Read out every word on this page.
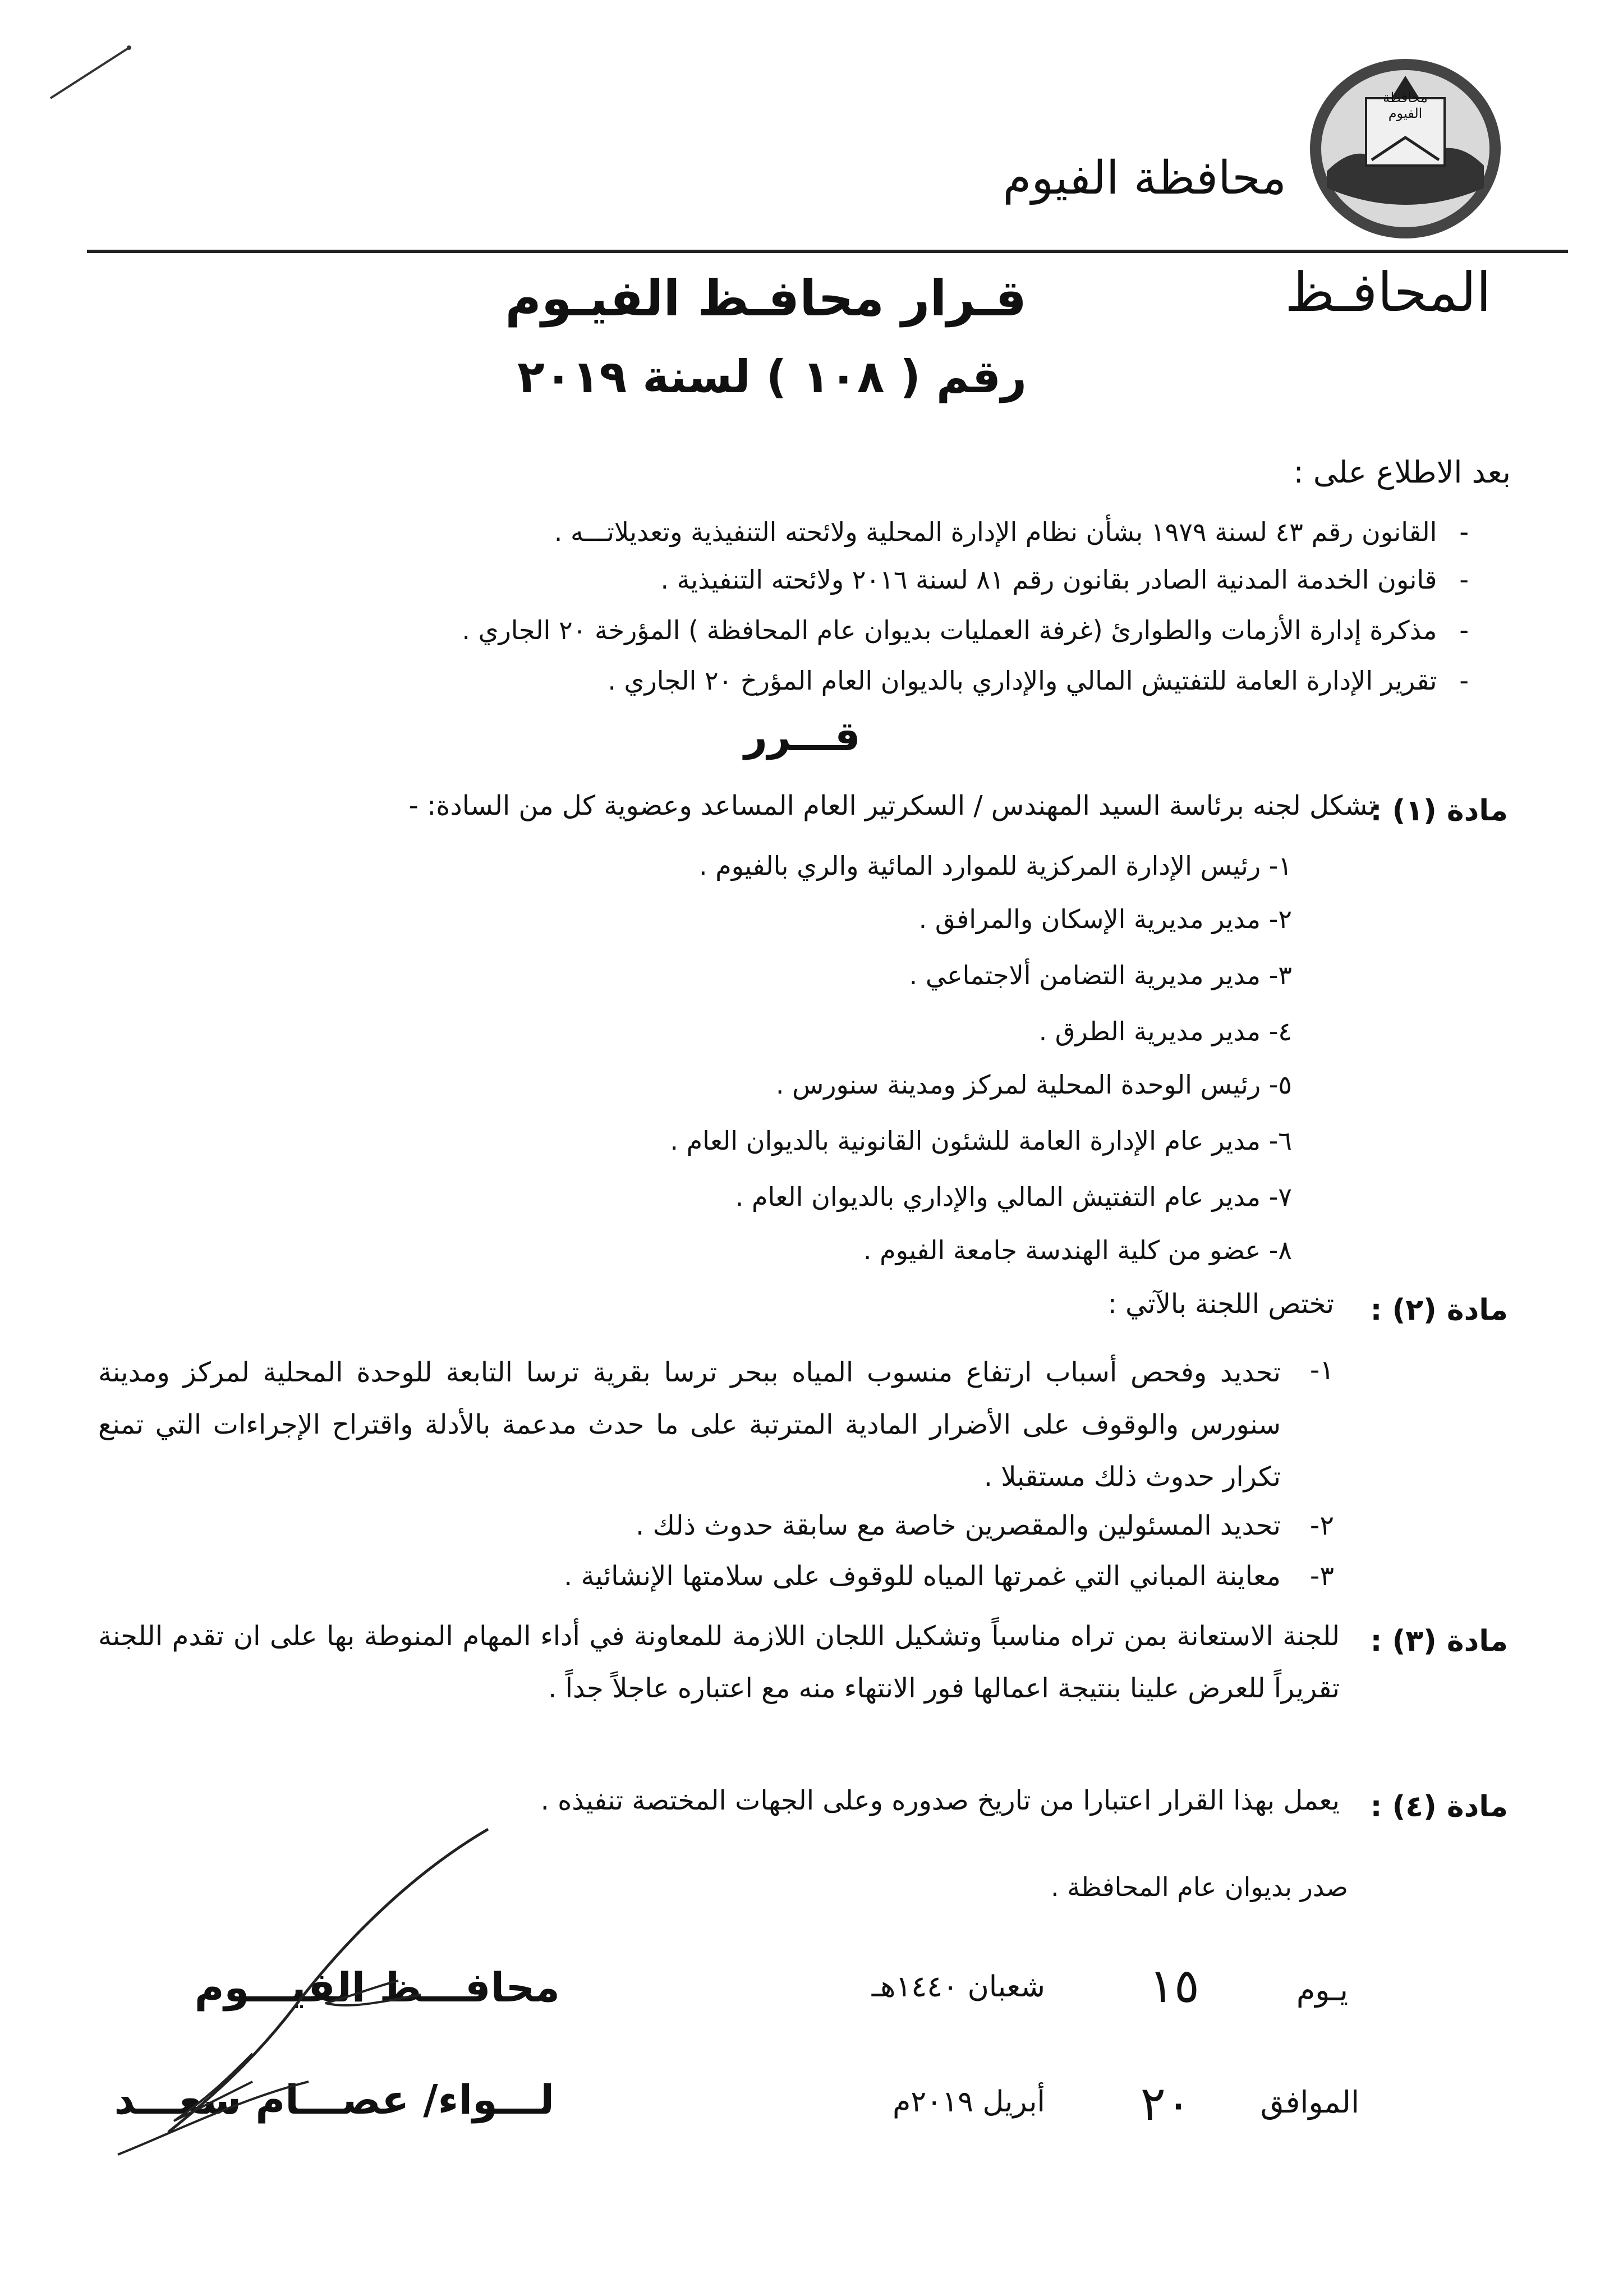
محافظة الفيوم
محافظة الفيوم
المحافـظ
قـرار محافـظ الفيـوم
رقم ( ١٠٨ ) لسنة ٢٠١٩
بعد الاطلاع على :
-القانون رقم ٤٣ لسنة ١٩٧٩ بشأن نظام الإدارة المحلية ولائحته التنفيذية وتعديلاتـــه .
-قانون الخدمة المدنية الصادر بقانون رقم ٨١ لسنة ٢٠١٦ ولائحته التنفيذية .
-مذكرة إدارة الأزمات والطوارئ (غرفة العمليات بديوان عام المحافظة ) المؤرخة ٢٠ الجاري .
-تقرير الإدارة العامة للتفتيش المالي والإداري بالديوان العام المؤرخ ٢٠ الجاري .
قـــرر
مادة (١) :
تشكل لجنه برئاسة السيد المهندس / السكرتير العام المساعد وعضوية كل من السادة: -
١- رئيس الإدارة المركزية للموارد المائية والري بالفيوم .
٢- مدير مديرية الإسكان والمرافق .
٣- مدير مديرية التضامن ألاجتماعي .
٤- مدير مديرية الطرق .
٥- رئيس الوحدة المحلية لمركز ومدينة سنورس .
٦- مدير عام الإدارة العامة للشئون القانونية بالديوان العام .
٧- مدير عام التفتيش المالي والإداري بالديوان العام .
٨- عضو من كلية الهندسة جامعة الفيوم .
مادة (٢) :
تختص اللجنة بالآتي :
١-
تحديد وفحص أسباب ارتفاع منسوب المياه ببحر ترسا بقرية ترسا التابعة للوحدة المحلية لمركز ومدينة سنورس والوقوف على الأضرار المادية المترتبة على ما حدث مدعمة بالأدلة واقتراح الإجراءات التي تمنع تكرار حدوث ذلك مستقبلا .
٢-
تحديد المسئولين والمقصرين خاصة مع سابقة حدوث ذلك .
٣-
معاينة المباني التي غمرتها المياه للوقوف على سلامتها الإنشائية .
مادة (٣) :
للجنة الاستعانة بمن تراه مناسباً وتشكيل اللجان اللازمة للمعاونة في أداء المهام المنوطة بها على ان تقدم اللجنة تقريراً للعرض علينا بنتيجة اعمالها فور الانتهاء منه مع اعتباره عاجلاً جداً .
مادة (٤) :
يعمل بهذا القرار اعتبارا من تاريخ صدوره وعلى الجهات المختصة تنفيذه .
صدر بديوان عام المحافظة .
يـوم
١٥
شعبان ١٤٤٠هـ
الموافق
٢٠
أبريل ٢٠١٩م
محافـــظ الفيـــوم
لـــواء/ عصـــام سعـــد
